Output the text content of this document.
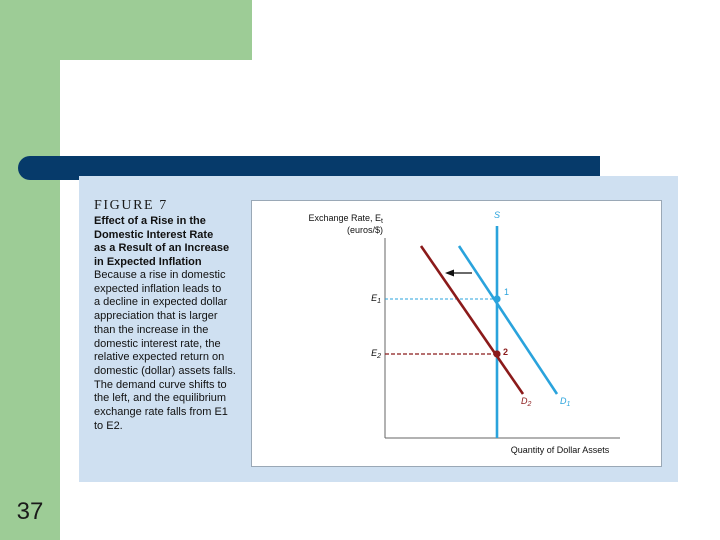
37
FIGURE 7
Effect of a Rise in the
Domestic Interest Rate
as a Result of an Increase
in Expected Inflation
Because a rise in domestic
expected inflation leads to
a decline in expected dollar
appreciation that is larger
than the increase in the
domestic interest rate, the
relative expected return on
domestic (dollar) assets falls.
The demand curve shifts to
the left, and the equilibrium
exchange rate falls from E1
to E2.
Exchange Rate, $E_t$
(euros/$)
$E_1$
$E_2$
1
2
S
$D_1$
$D_2$
Quantity of Dollar Assets
